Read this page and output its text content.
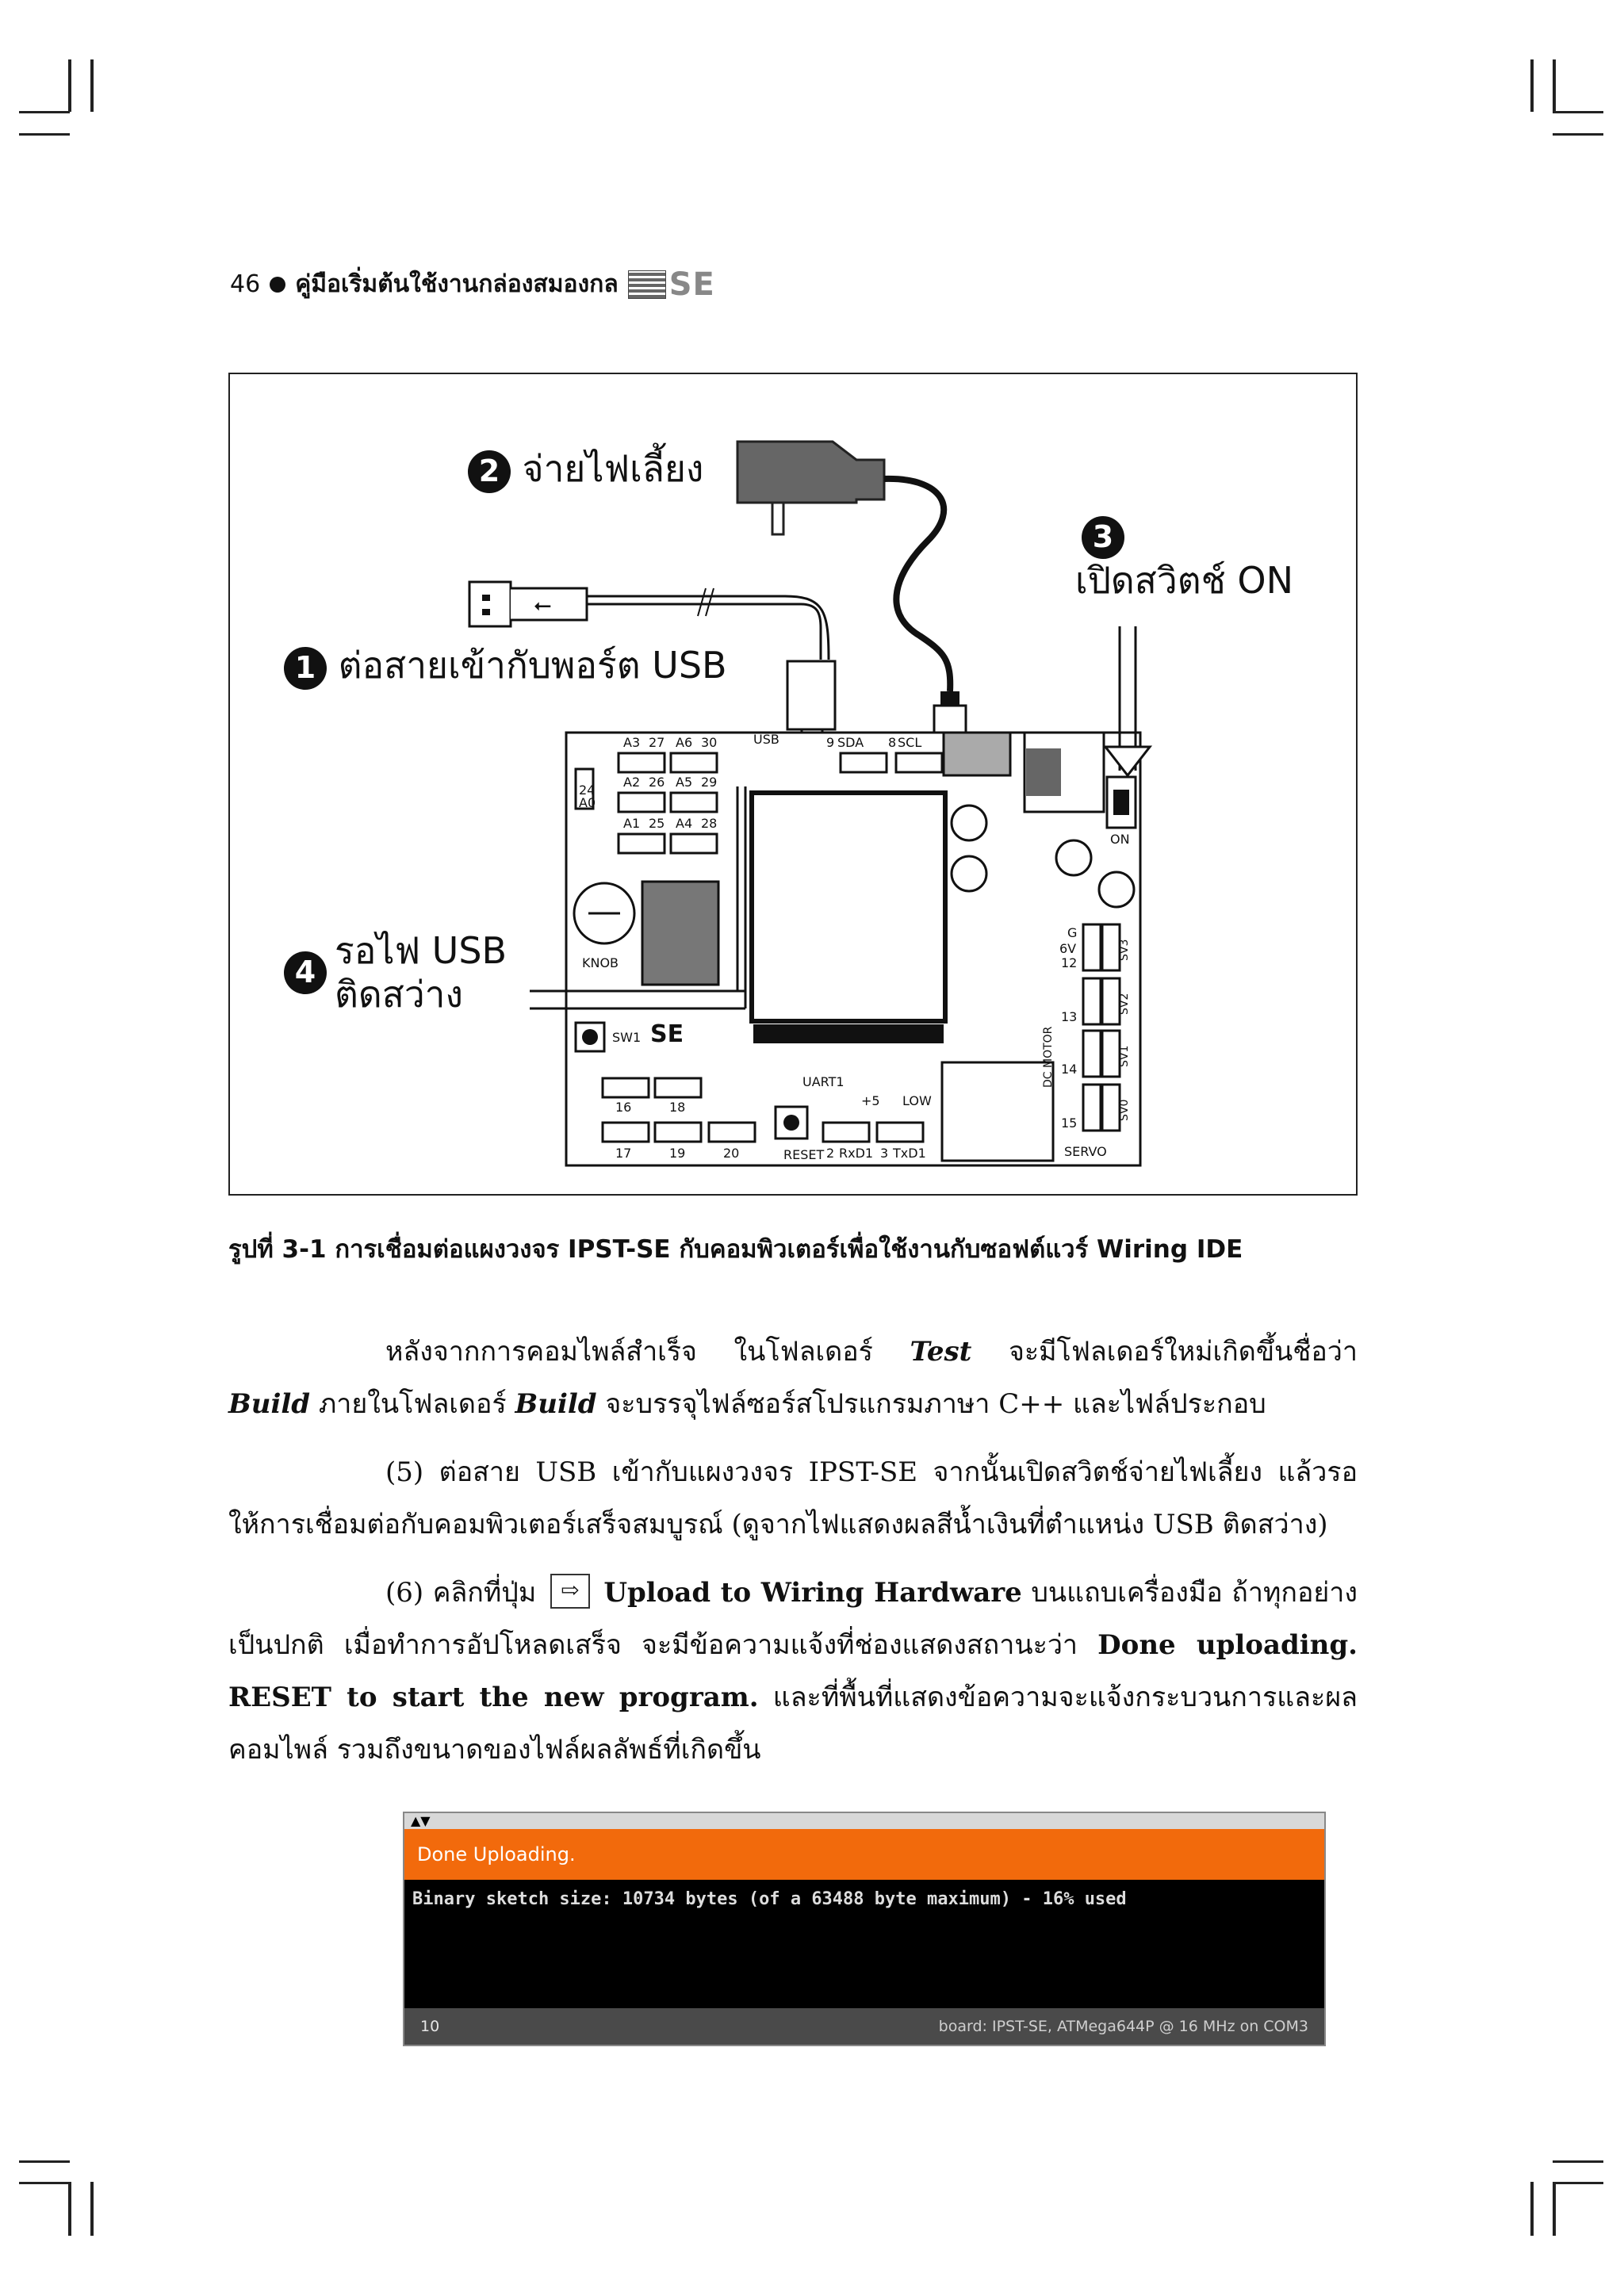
46 คู่มือเริ่มต้นใช้งานกล่องสมองกล SE
⭠
USB
KNOB
SW1 SE
UART1
RESET RxD1 TxD1
+5 LOW
ON
SERVO
DC MOTOR
SCL
SDA 8
9
24
A0
27
A3	30
A6
26
A2	29
A5
25
A1	28
A4
16	18
17	19	20	2	3
SV3
SV2
SV1
SV0
12
13
14
15
G
6V
2 จ่ายไฟเลี้ยง
3
เปิดสวิตช์ ON
1 ต่อสายเข้ากับพอร์ต USB
4
รอไฟ USB
ติดสว่าง
รูปที่ 3-1 การเชื่อมต่อแผงวงจร IPST-SE กับคอมพิวเตอร์เพื่อใช้งานกับซอฟต์แวร์ Wiring IDE
หลังจากการคอมไพล์สำเร็จ ในโฟลเดอร์ Test จะมีโฟลเดอร์ใหม่เกิดขึ้นชื่อว่า Build ภายในโฟลเดอร์ Build จะบรรจุไฟล์ซอร์สโปรแกรมภาษา C++ และไฟล์ประกอบ
(5) ต่อสาย USB เข้ากับแผงวงจร IPST-SE จากนั้นเปิดสวิตช์จ่ายไฟเลี้ยง แล้วรอให้การเชื่อมต่อกับคอมพิวเตอร์เสร็จสมบูรณ์ (ดูจากไฟแสดงผลสีน้ำเงินที่ตำแหน่ง USB ติดสว่าง)
(6) คลิกที่ปุ่ม ⇨ Upload to Wiring Hardware บนแถบเครื่องมือ ถ้าทุกอย่างเป็นปกติ เมื่อทำการอัปโหลดเสร็จ จะมีข้อความแจ้งที่ช่องแสดงสถานะว่า Done uploading. RESET to start the new program. และที่พื้นที่แสดงข้อความจะแจ้งกระบวนการและผลคอมไพล์ รวมถึงขนาดของไฟล์ผลลัพธ์ที่เกิดขึ้น
▲▼
Done Uploading.
Binary sketch size: 10734 bytes (of a 63488 byte maximum) - 16% used
10	board: IPST-SE, ATMega644P @ 16 MHz on COM3
